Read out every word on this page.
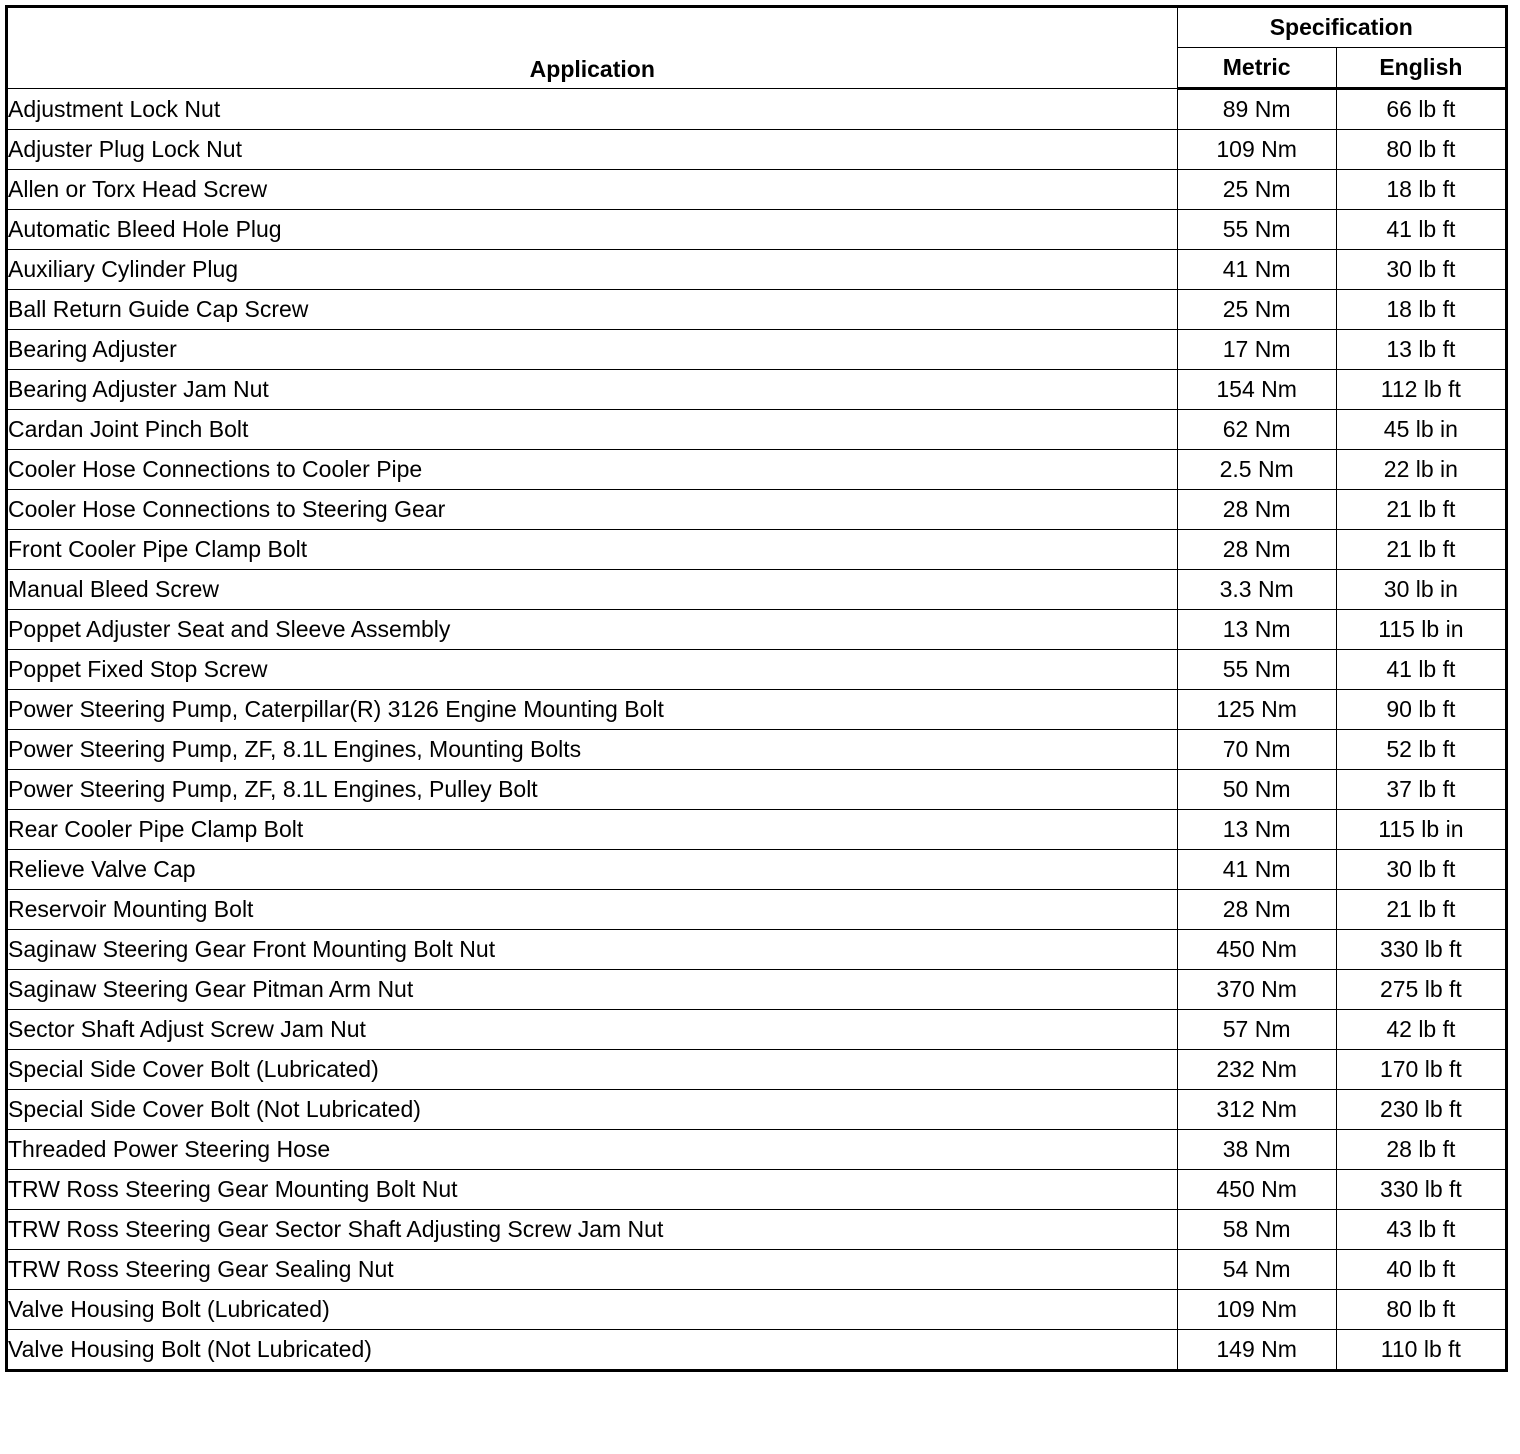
Application	Specification	
	Metric	English
Adjustment Lock Nut	89 Nm	66 lb ft
Adjuster Plug Lock Nut	109 Nm	80 lb ft
Allen or Torx Head Screw	25 Nm	18 lb ft
Automatic Bleed Hole Plug	55 Nm	41 lb ft
Auxiliary Cylinder Plug	41 Nm	30 lb ft
Ball Return Guide Cap Screw	25 Nm	18 lb ft
Bearing Adjuster	17 Nm	13 lb ft
Bearing Adjuster Jam Nut	154 Nm	112 lb ft
Cardan Joint Pinch Bolt	62 Nm	45 lb in
Cooler Hose Connections to Cooler Pipe	2.5 Nm	22 lb in
Cooler Hose Connections to Steering Gear	28 Nm	21 lb ft
Front Cooler Pipe Clamp Bolt	28 Nm	21 lb ft
Manual Bleed Screw	3.3 Nm	30 lb in
Poppet Adjuster Seat and Sleeve Assembly	13 Nm	115 lb in
Poppet Fixed Stop Screw	55 Nm	41 lb ft
Power Steering Pump, Caterpillar(R) 3126 Engine Mounting Bolt	125 Nm	90 lb ft
Power Steering Pump, ZF, 8.1L Engines, Mounting Bolts	70 Nm	52 lb ft
Power Steering Pump, ZF, 8.1L Engines, Pulley Bolt	50 Nm	37 lb ft
Rear Cooler Pipe Clamp Bolt	13 Nm	115 lb in
Relieve Valve Cap	41 Nm	30 lb ft
Reservoir Mounting Bolt	28 Nm	21 lb ft
Saginaw Steering Gear Front Mounting Bolt Nut	450 Nm	330 lb ft
Saginaw Steering Gear Pitman Arm Nut	370 Nm	275 lb ft
Sector Shaft Adjust Screw Jam Nut	57 Nm	42 lb ft
Special Side Cover Bolt (Lubricated)	232 Nm	170 lb ft
Special Side Cover Bolt (Not Lubricated)	312 Nm	230 lb ft
Threaded Power Steering Hose	38 Nm	28 lb ft
TRW Ross Steering Gear Mounting Bolt Nut	450 Nm	330 lb ft
TRW Ross Steering Gear Sector Shaft Adjusting Screw Jam Nut	58 Nm	43 lb ft
TRW Ross Steering Gear Sealing Nut	54 Nm	40 lb ft
Valve Housing Bolt (Lubricated)	109 Nm	80 lb ft
Valve Housing Bolt (Not Lubricated)	149 Nm	110 lb ft
